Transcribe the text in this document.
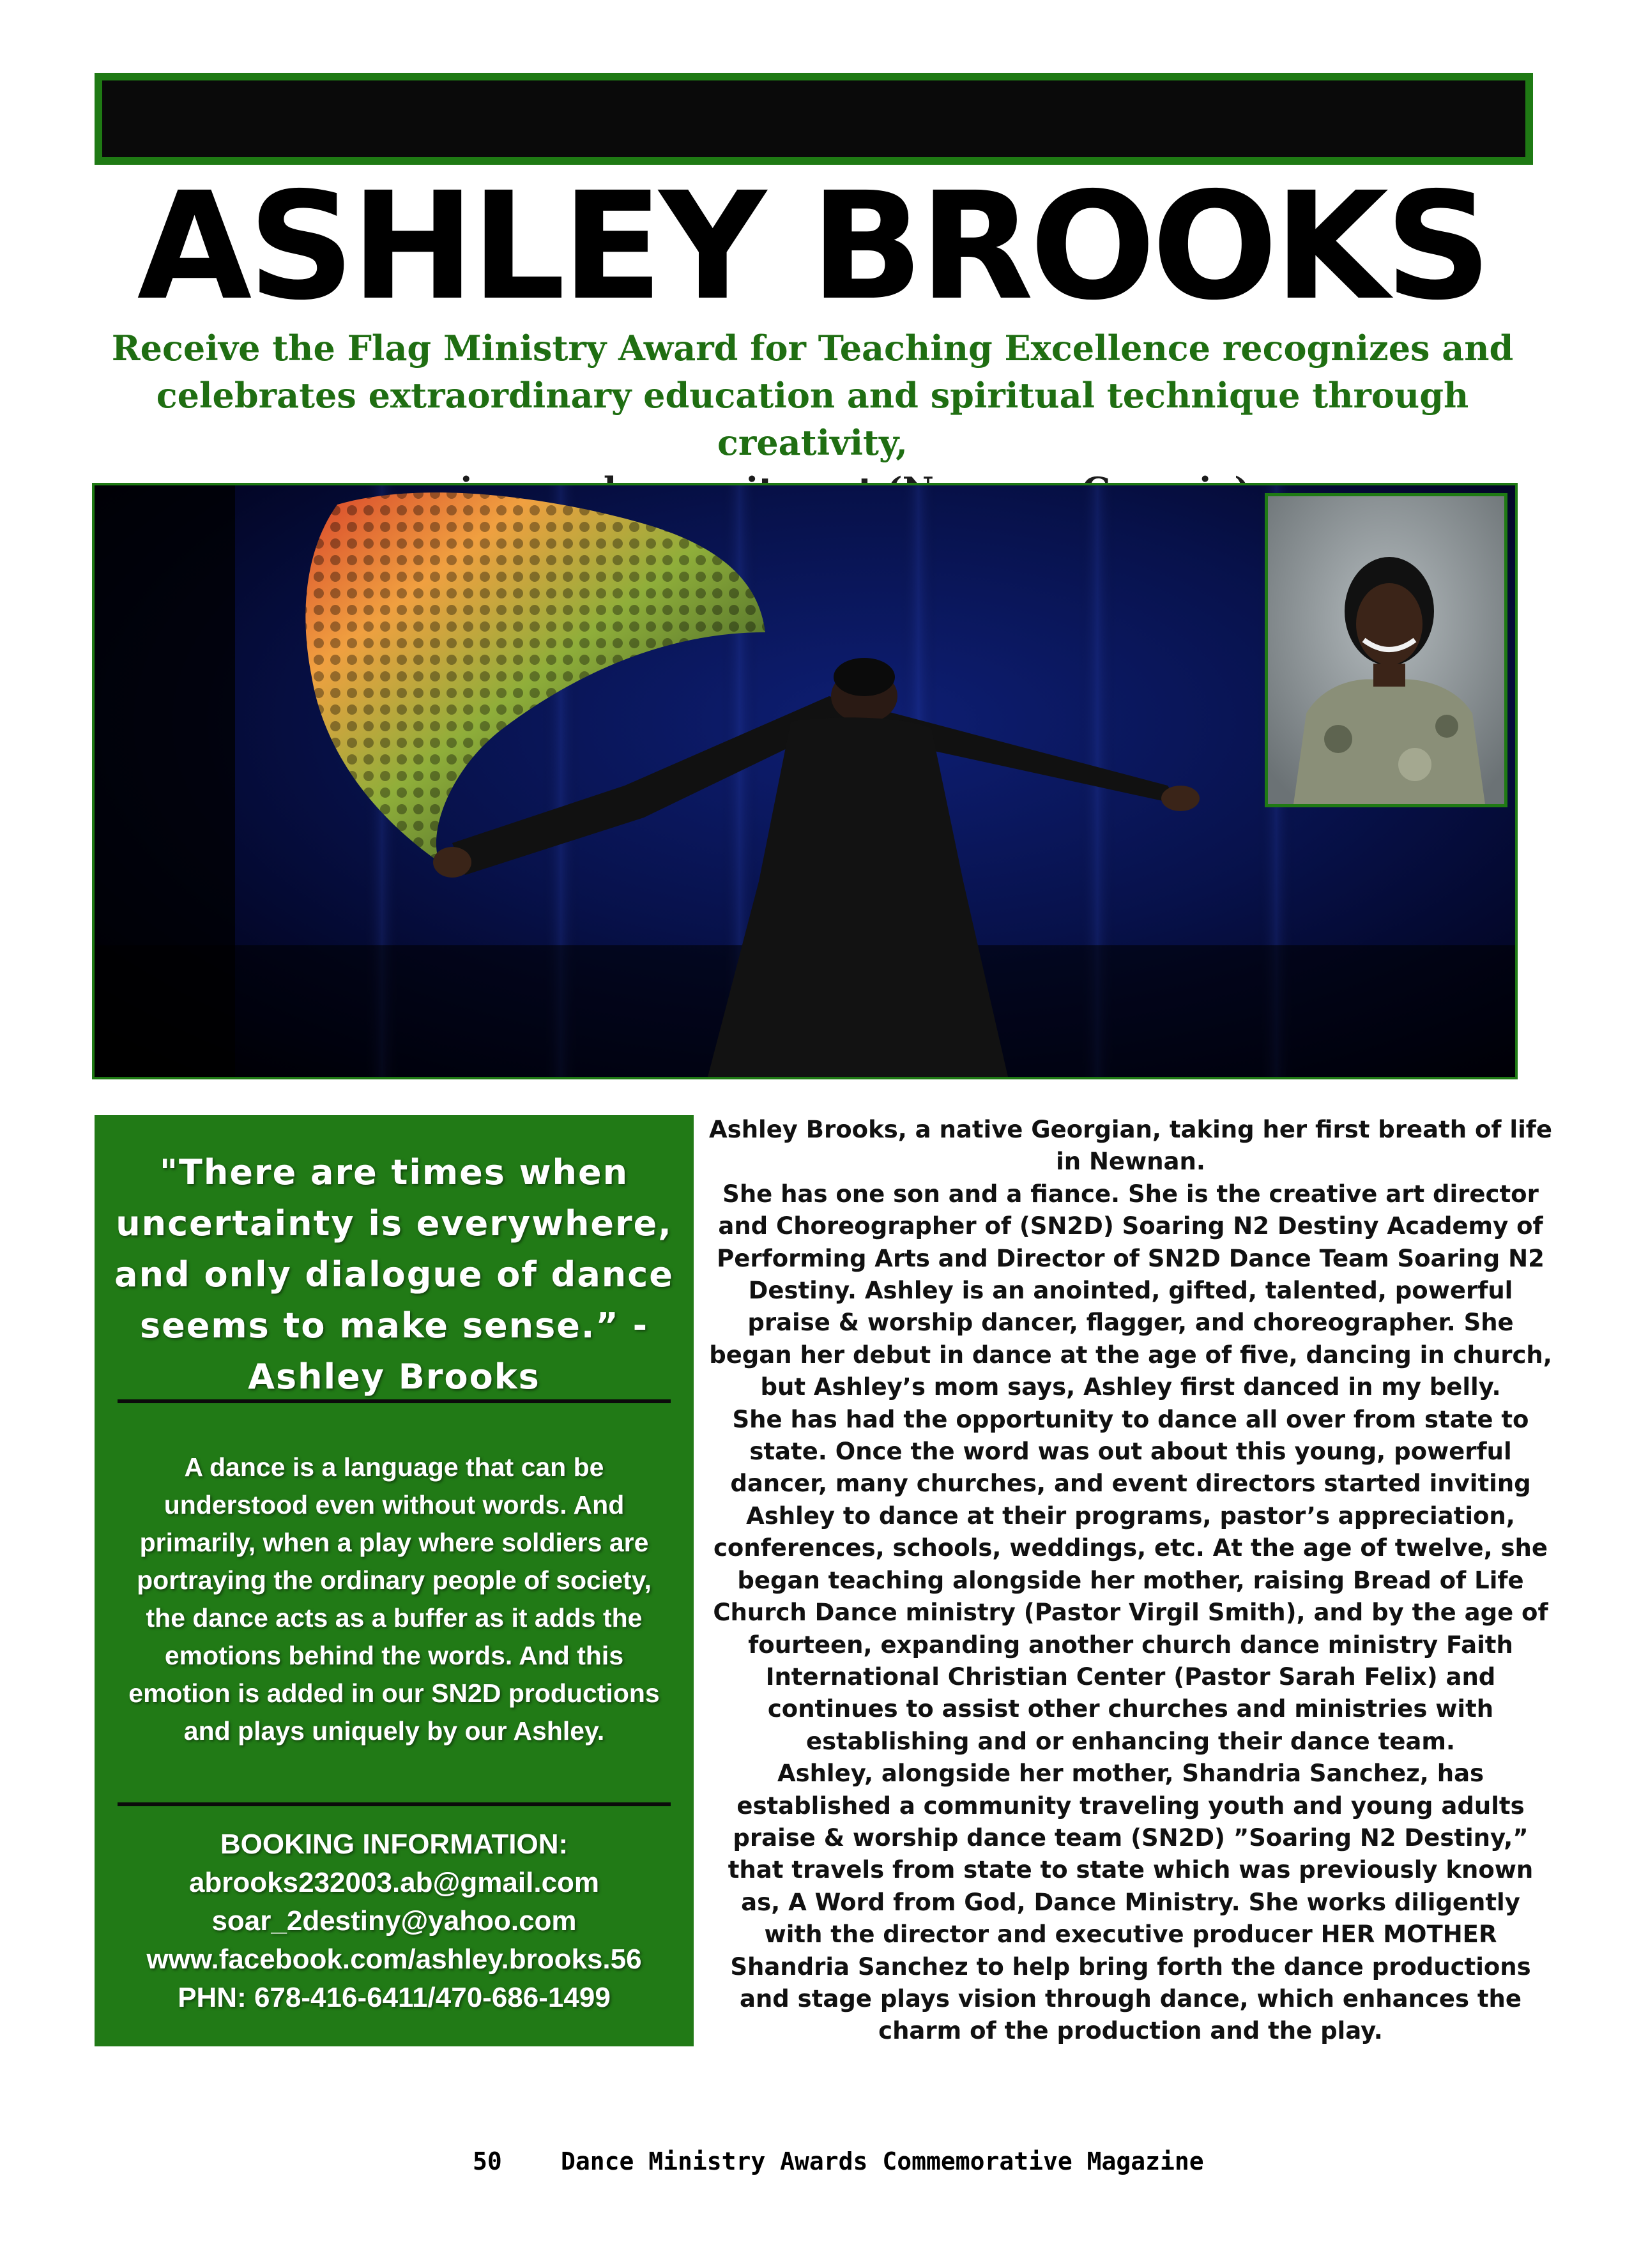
ASHLEY BROOKS
Receive the Flag Ministry Award for Teaching Excellence recognizes and
celebrates extraordinary education and spiritual technique through creativity,
"There are times when uncertainty is everywhere, and only dialogue of dance seems to make sense.” -Ashley Brooks
A dance is a language that can be understood even without words. And primarily, when a play where soldiers are portraying the ordinary people of society, the dance acts as a buffer as it adds the emotions behind the words. And this emotion is added in our SN2D productions and plays uniquely by our Ashley.
BOOKING INFORMATION:
abrooks232003.ab@gmail.com
soar_2destiny@yahoo.com
www.facebook.com/ashley.brooks.56
PHN: 678-416-6411/470-686-1499
Ashley Brooks, a native Georgian, taking her first breath of life in Newnan.
She has one son and a fiance. She is the creative art director and Choreographer of (SN2D) Soaring N2 Destiny Academy of Performing Arts and Director of SN2D Dance Team Soaring N2 Destiny. Ashley is an anointed, gifted, talented, powerful praise & worship dancer, flagger, and choreographer. She began her debut in dance at the age of five, dancing in church, but Ashley’s mom says, Ashley first danced in my belly.
She has had the opportunity to dance all over from state to state. Once the word was out about this young, powerful dancer, many churches, and event directors started inviting Ashley to dance at their programs, pastor’s appreciation, conferences, schools, weddings, etc. At the age of twelve, she began teaching alongside her mother, raising Bread of Life Church Dance ministry (Pastor Virgil Smith), and by the age of fourteen, expanding another church dance ministry Faith International Christian Center (Pastor Sarah Felix) and continues to assist other churches and ministries with establishing and or enhancing their dance team.
Ashley, alongside her mother, Shandria Sanchez, has established a community traveling youth and young adults praise & worship dance team (SN2D) ”Soaring N2 Destiny,” that travels from state to state which was previously known as, A Word from God, Dance Ministry. She works diligently with the director and executive producer HER MOTHER Shandria Sanchez to help bring forth the dance productions and stage plays vision through dance, which enhances the charm of the production and the play.
50 Dance Ministry Awards Commemorative Magazine
